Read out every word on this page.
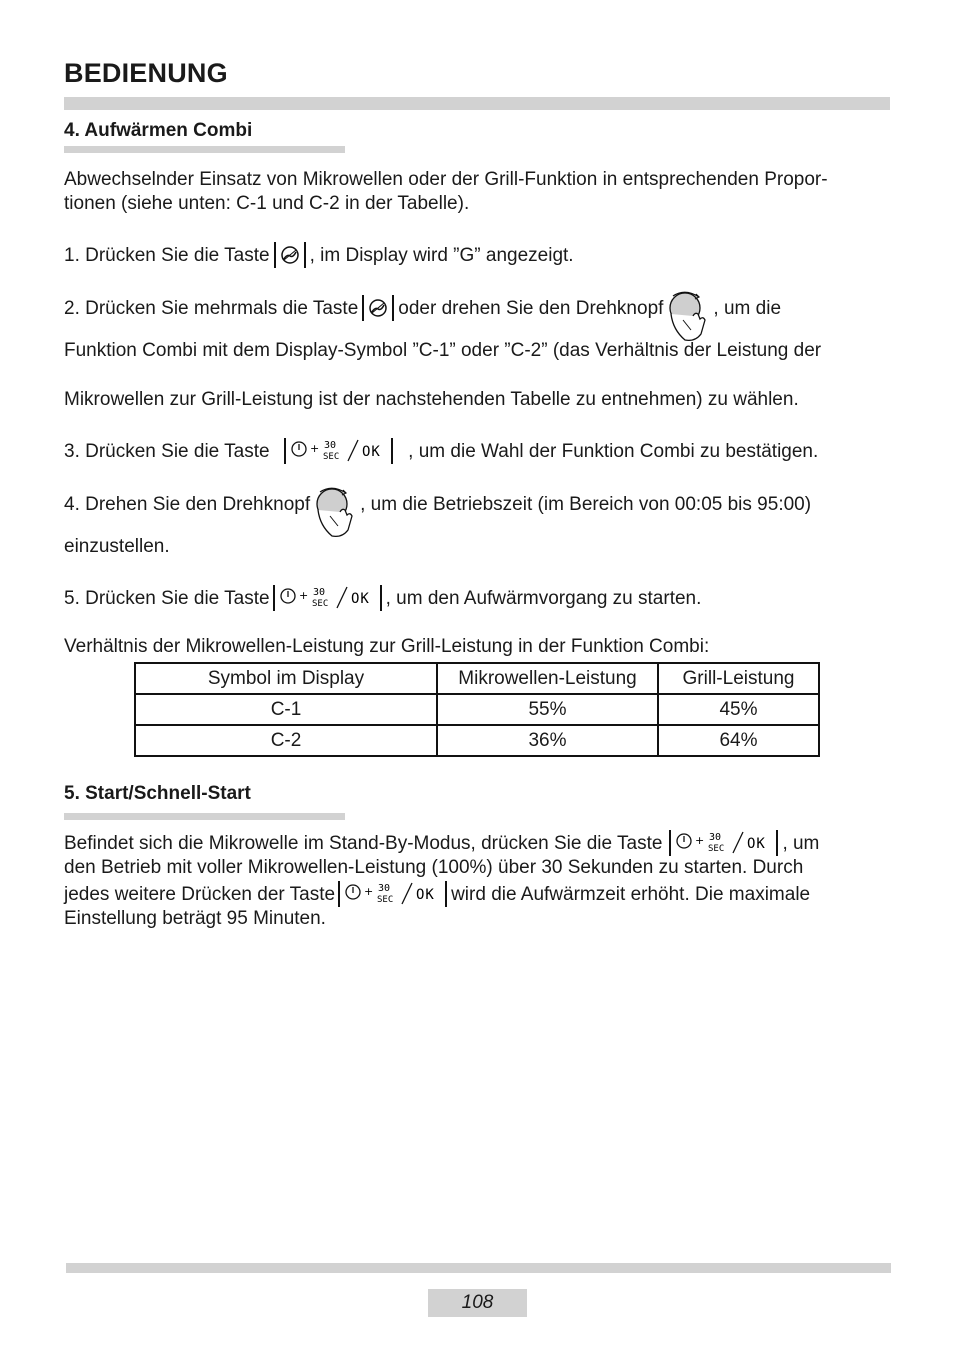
BEDIENUNG
4. Aufwärmen Combi
Abwechselnder Einsatz von Mikrowellen oder der Grill-Funktion in entsprechenden Propor-
tionen (siehe unten: C-1 und C-2 in der Tabelle).
1. Drücken Sie die Taste , im Display wird ”G” angezeigt.
2. Drücken Sie mehrmals die Taste oder drehen Sie den Drehknopf	, um die
Funktion Combi mit dem Display-Symbol ”C-1” oder ”C-2” (das Verhältnis der Leistung der
Mikrowellen zur Grill-Leistung ist der nachstehenden Tabelle zu entnehmen) zu wählen.
3. Drücken Sie die Taste	+ 30
SEC OK , um die Wahl der Funktion Combi zu bestätigen.
4. Drehen Sie den Drehknopf	, um die Betriebszeit (im Bereich von 00:05 bis 95:00)
einzustellen.
5. Drücken Sie die Taste	+ 30
SEC OK , um den Aufwärmvorgang zu starten.
Verhältnis der Mikrowellen-Leistung zur Grill-Leistung in der Funktion Combi:
Symbol im Display	Mikrowellen-Leistung	Grill-Leistung
C-1	55%	45%
C-2	36%	64%
5. Start/Schnell-Start
Befindet sich die Mikrowelle im Stand-By-Modus, drücken Sie die Taste	+ 30
SEC OK , um
den Betrieb mit voller Mikrowellen-Leistung (100%) über 30 Sekunden zu starten. Durch
jedes weitere Drücken der Taste	+ 30
SEC OK wird die Aufwärmzeit erhöht. Die maximale
Einstellung beträgt 95 Minuten.
108
